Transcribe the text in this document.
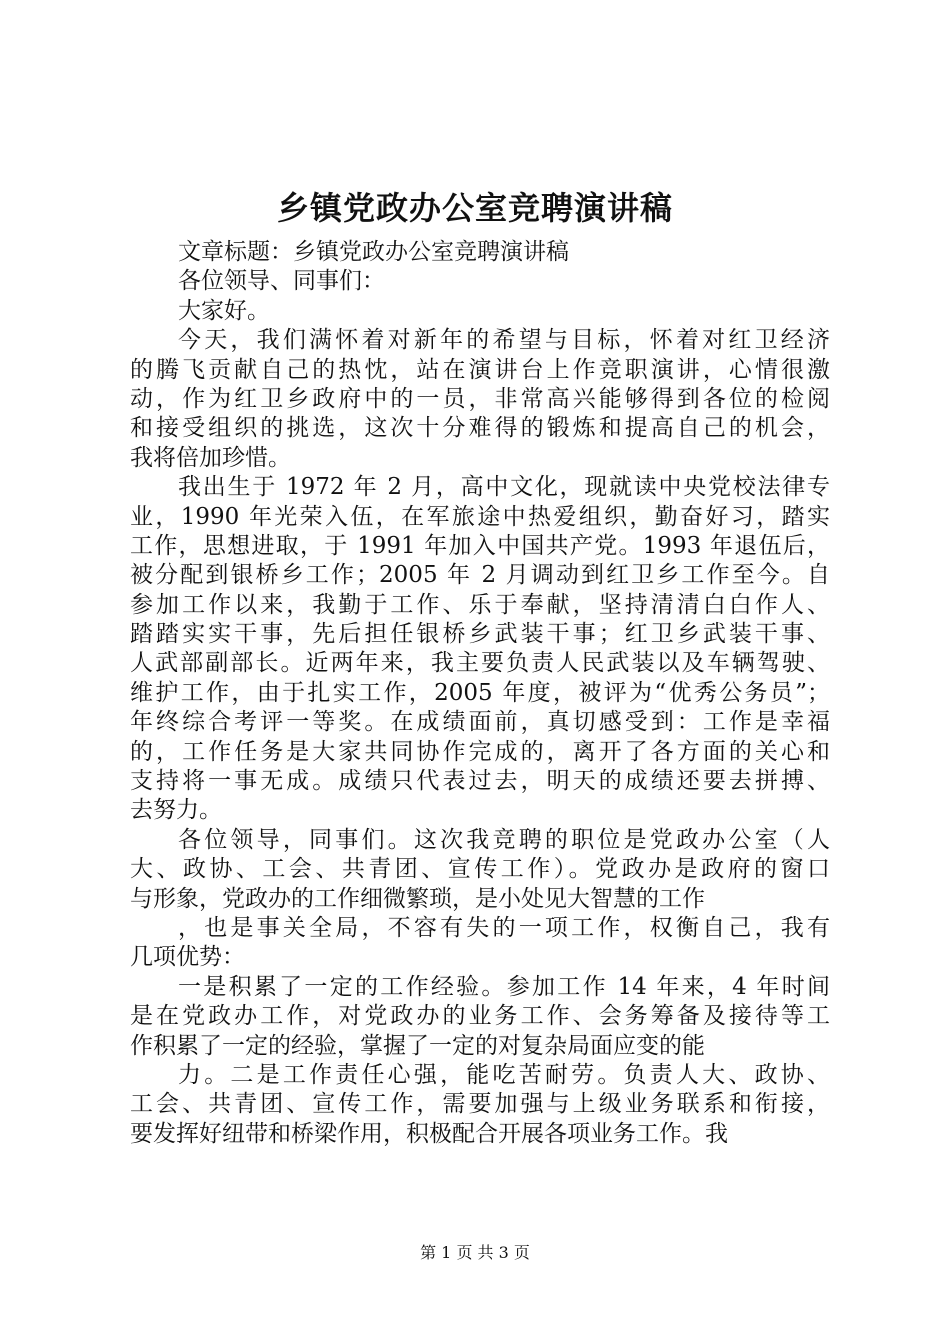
乡镇党政办公室竞聘演讲稿
文章标题：乡镇党政办公室竞聘演讲稿
各位领导、同事们：
大家好。
今天，我们满怀着对新年的希望与目标，怀着对红卫经济
的腾飞贡献自己的热忱，站在演讲台上作竞职演讲，心情很激
动，作为红卫乡政府中的一员，非常高兴能够得到各位的检阅
和接受组织的挑选，这次十分难得的锻炼和提高自己的机会，
我将倍加珍惜。
我出生于 1972 年 2 月，高中文化，现就读中央党校法律专
业，1990 年光荣入伍，在军旅途中热爱组织，勤奋好习，踏实
工作，思想进取，于 1991 年加入中国共产党。1993 年退伍后，
被分配到银桥乡工作；2005 年 2 月调动到红卫乡工作至今。自
参加工作以来，我勤于工作、乐于奉献，坚持清清白白作人、
踏踏实实干事，先后担任银桥乡武装干事；红卫乡武装干事、
人武部副部长。近两年来，我主要负责人民武装以及车辆驾驶、
维护工作，由于扎实工作，2005 年度，被评为“优秀公务员”；
年终综合考评一等奖。在成绩面前，真切感受到：工作是幸福
的，工作任务是大家共同协作完成的，离开了各方面的关心和
支持将一事无成。成绩只代表过去，明天的成绩还要去拼搏、
去努力。
各位领导，同事们。这次我竞聘的职位是党政办公室（人
大、政协、工会、共青团、宣传工作）。党政办是政府的窗口
与形象，党政办的工作细微繁琐，是小处见大智慧的工作
，也是事关全局，不容有失的一项工作，权衡自己，我有
几项优势：
一是积累了一定的工作经验。参加工作 14 年来，4 年时间
是在党政办工作，对党政办的业务工作、会务筹备及接待等工
作积累了一定的经验，掌握了一定的对复杂局面应变的能
力。二是工作责任心强，能吃苦耐劳。负责人大、政协、
工会、共青团、宣传工作，需要加强与上级业务联系和衔接，
要发挥好纽带和桥梁作用，积极配合开展各项业务工作。我
第 1 页 共 3 页
